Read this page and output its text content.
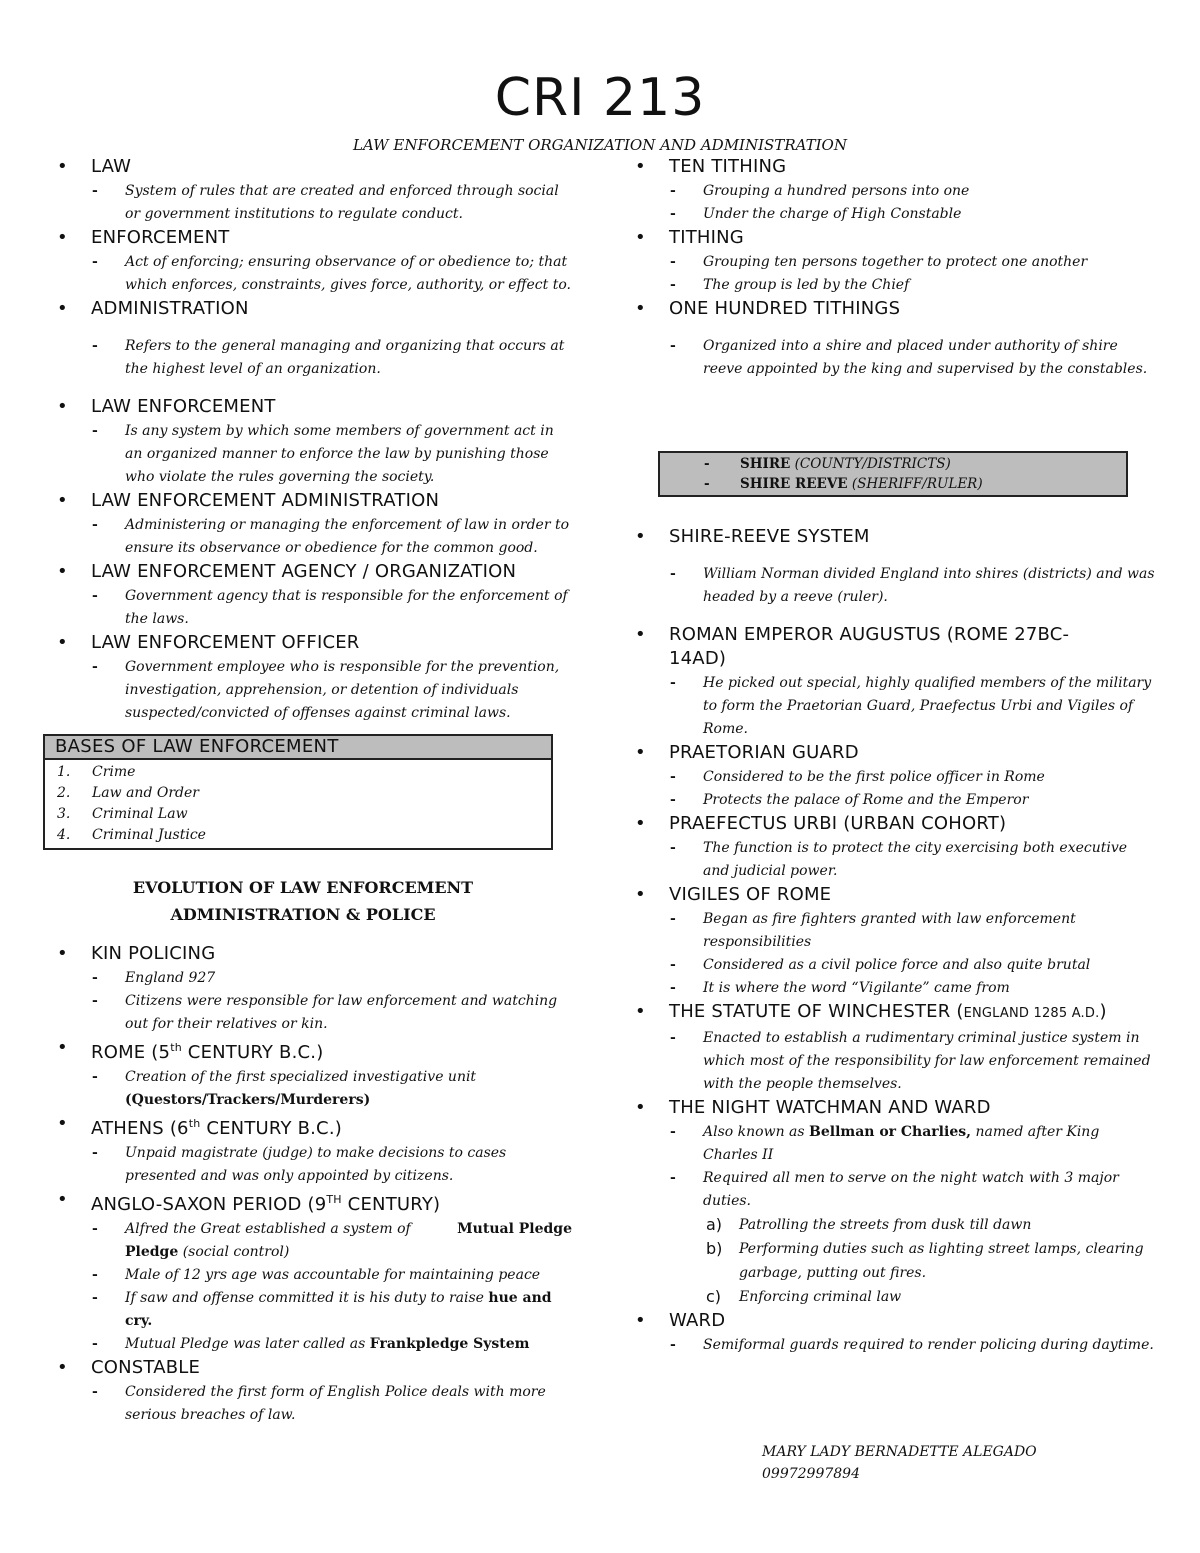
CRI 213
LAW ENFORCEMENT ORGANIZATION AND ADMINISTRATION
• LAW
- System of rules that are created and enforced through social or government institutions to regulate conduct.
• ENFORCEMENT
- Act of enforcing; ensuring observance of or obedience to; that which enforces, constraints, gives force, authority, or effect to.
• ADMINISTRATION
- Refers to the general managing and organizing that occurs at the highest level of an organization.
• LAW ENFORCEMENT
- Is any system by which some members of government act in an organized manner to enforce the law by punishing those who violate the rules governing the society.
• LAW ENFORCEMENT ADMINISTRATION
- Administering or managing the enforcement of law in order to ensure its observance or obedience for the common good.
• LAW ENFORCEMENT AGENCY / ORGANIZATION
- Government agency that is responsible for the enforcement of the laws.
• LAW ENFORCEMENT OFFICER
- Government employee who is responsible for the prevention, investigation, apprehension, or detention of individuals suspected/convicted of offenses against criminal laws.
BASES OF LAW ENFORCEMENT
1. Crime
2. Law and Order
3. Criminal Law
4. Criminal Justice
EVOLUTION OF LAW ENFORCEMENT
ADMINISTRATION & POLICE
• KIN POLICING
- England 927
- Citizens were responsible for law enforcement and watching out for their relatives or kin.
• ROME (5th CENTURY B.C.)
- Creation of the first specialized investigative unit
(Questors/Trackers/Murderers)
• ATHENS (6th CENTURY B.C.)
- Unpaid magistrate (judge) to make decisions to cases presented and was only appointed by citizens.
• ANGLO-SAXON PERIOD (9TH CENTURY)
- Alfred the Great established a system of	Mutual Pledge

Pledge (social control)
- Male of 12 yrs age was accountable for maintaining peace
- If saw and offense committed it is his duty to raise hue and cry.
- Mutual Pledge was later called as Frankpledge System
• CONSTABLE
- Considered the first form of English Police deals with more serious breaches of law.
• TEN TITHING
- Grouping a hundred persons into one
- Under the charge of High Constable
• TITHING
- Grouping ten persons together to protect one another
- The group is led by the Chief
• ONE HUNDRED TITHINGS
- Organized into a shire and placed under authority of shire reeve appointed by the king and supervised by the constables.
- SHIRE (COUNTY/DISTRICTS)
- SHIRE REEVE (SHERIFF/RULER)
• SHIRE-REEVE SYSTEM
- William Norman divided England into shires (districts) and was headed by a reeve (ruler).
• ROMAN EMPEROR AUGUSTUS (ROME 27BC-14AD)
- He picked out special, highly qualified members of the military to form the Praetorian Guard, Praefectus Urbi and Vigiles of Rome.
• PRAETORIAN GUARD
- Considered to be the first police officer in Rome
- Protects the palace of Rome and the Emperor
• PRAEFECTUS URBI (URBAN COHORT)
- The function is to protect the city exercising both executive and judicial power.
• VIGILES OF ROME
- Began as fire fighters granted with law enforcement responsibilities
- Considered as a civil police force and also quite brutal
- It is where the word “Vigilante” came from
• THE STATUTE OF WINCHESTER (ENGLAND 1285 A.D.)
- Enacted to establish a rudimentary criminal justice system in which most of the responsibility for law enforcement remained with the people themselves.
• THE NIGHT WATCHMAN AND WARD
- Also known as Bellman or Charlies, named after King Charles II
- Required all men to serve on the night watch with 3 major duties.
a) Patrolling the streets from dusk till dawn
b) Performing duties such as lighting street lamps, clearing garbage, putting out fires.
c) Enforcing criminal law
• WARD
- Semiformal guards required to render policing during daytime.
MARY LADY BERNADETTE ALEGADO
09972997894
